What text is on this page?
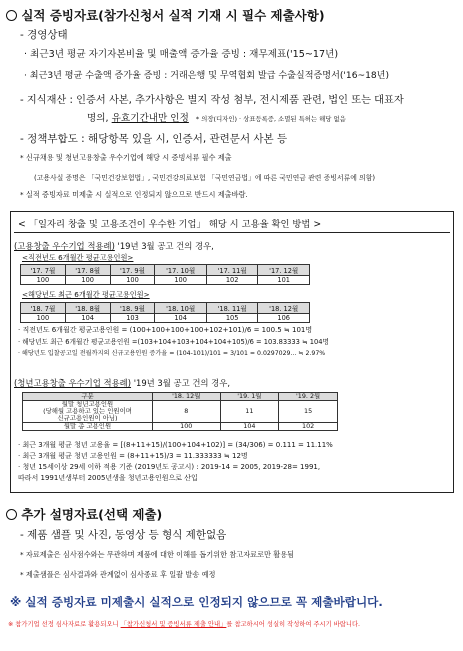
실적 증빙자료(참가신청서 실적 기재 시 필수 제출사항)
- 경영상태
· 최근3년 평균 자기자본비율 및 매출액 증가율 증빙 : 재무제표('15~17년)
· 최근3년 평균 수출액 증가율 증빙 : 거래은행 및 무역협회 발급 수출실적증명서('16~18년)
- 지식재산 : 인증서 사본, 추가사항은 별지 작성 첨부, 전시제품 관련, 법인 또는 대표자
명의, 유효기간내만 인정 * 의장(디자인) · 상표등록증, 소멸된 특허는 해당 없음
- 정책부합도 : 해당항목 있을 시, 인증서, 관련문서 사본 등
* 신규채용 및 청년고용창출 우수기업에 해당 시 증빙서류 필수 제출
(고용사실 증명은 「국민건강보험법」, 국민건강의료보험 「국민연금법」에 따른 국민연금 관련 증빙서류에 의함)
* 실적 증빙자료 미제출 시 실적으로 인정되지 않으므로 반드시 제출바람.
< 「일자리 창출 및 고용조건이 우수한 기업」 해당 시 고용율 확인 방법 >
(고용창출 우수기업 적용례) '19년 3월 공고 건의 경우,
<직전년도 6개월간 평균고용인원>
'17. 7월	'17. 8월	'17. 9월	'17. 10월	'17. 11월	'17. 12월
100	100	100	100	102	101
<해당년도 최근 6개월간 평균고용인원>
'18. 7월	'18. 8월	'18. 9월	'18. 10월	'18. 11월	'18. 12월
100	104	103	104	105	106
· 직전년도 6개월간 평균고용인원 = (100+100+100+100+102+101)/6 = 100.5 ≒ 101명
· 해당년도 최근 6개월간 평균고용인원 =(103+104+103+104+104+105)/6 = 103.83333 ≒ 104명
· 해당년도 입찰공고일 전월까지의 신규고용인원 증가율 = (104-101)/101 = 3/101 = 0.0297029... ≒ 2.97%
(청년고용창출 우수기업 적용례) '19년 3월 공고 건의 경우,
구분	'18. 12월	'19. 1월	'19. 2월

월말 청년고용인원
(당해월 고용하고 있는 인원이며
신규고용인원이 아님)	8	11	15
월말 총 고용인원	100	104	102
· 최근 3개월 평균 청년 고용율 = [(8+11+15)/(100+104+102)] = (34/306) = 0.111 = 11.11%
· 최근 3개월 평균 청년 고용인원 = (8+11+15)/3 = 11.333333 ≒ 12명
· 청년 15세이상 29세 이하 적용 기준 (2019년도 공고시) : 2019-14 = 2005, 2019-28= 1991,
따라서 1991년생부터 2005년생을 청년고용인원으로 산입
추가 설명자료(선택 제출)
- 제품 샘플 및 사진, 동영상 등 형식 제한없음
* 자료제출은 심사점수와는 무관하며 제품에 대한 이해를 돕기위한 참고자료로만 활용됨
* 제출샘플은 심사결과와 관계없이 심사종료 후 일괄 발송 예정
※ 실적 증빙자료 미제출시 실적으로 인정되지 않으므로 꼭 제출바랍니다.
※ 참가기업 선정 심사자료로 활용되오니 「참가신청서 및 증빙서류 제출 안내」를 참고하시어 성실히 작성하여 주시기 바랍니다.
